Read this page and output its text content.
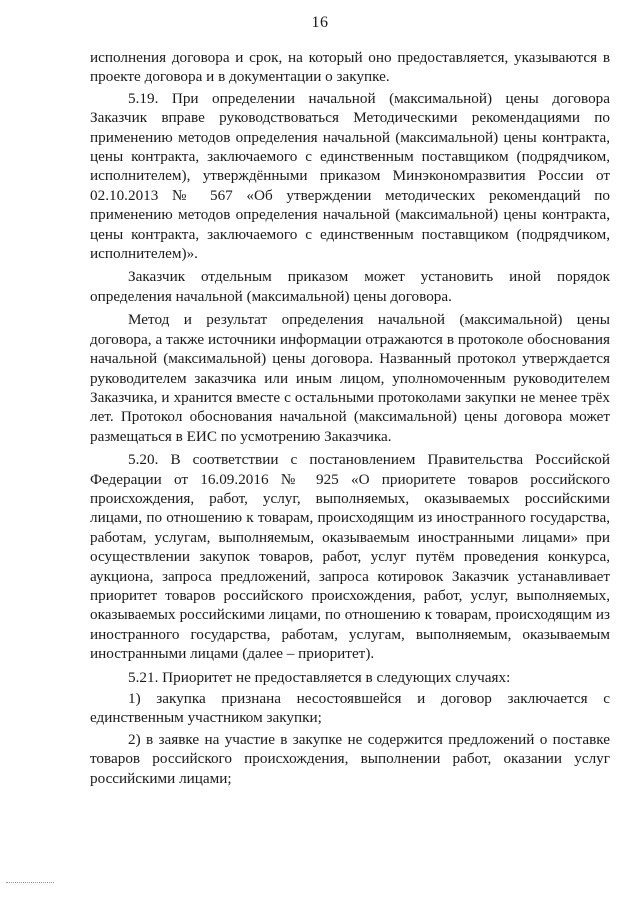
16

исполнения договора и срок, на который оно предоставляется, указываются в проекте договора и в документации о закупке.

5.19. При определении начальной (максимальной) цены договора Заказчик вправе руководствоваться Методическими рекомендациями по применению методов определения начальной (максимальной) цены контракта, цены контракта, заключаемого с единственным поставщиком (подрядчиком, исполнителем), утверждёнными приказом Минэкономразвития России от 02.10.2013 № 567 «Об утверждении методических рекомендаций по применению методов определения начальной (максимальной) цены контракта, цены контракта, заключаемого с единственным поставщиком (подрядчиком, исполнителем)».

Заказчик отдельным приказом может установить иной порядок определения начальной (максимальной) цены договора.

Метод и результат определения начальной (максимальной) цены договора, а также источники информации отражаются в протоколе обоснования начальной (максимальной) цены договора. Названный протокол утверждается руководителем заказчика или иным лицом, уполномоченным руководителем Заказчика, и хранится вместе с остальными протоколами закупки не менее трёх лет. Протокол обоснования начальной (максимальной) цены договора может размещаться в ЕИС по усмотрению Заказчика.

5.20. В соответствии с постановлением Правительства Российской Федерации от 16.09.2016 № 925 «О приоритете товаров российского происхождения, работ, услуг, выполняемых, оказываемых российскими лицами, по отношению к товарам, происходящим из иностранного государства, работам, услугам, выполняемым, оказываемым иностранными лицами» при осуществлении закупок товаров, работ, услуг путём проведения конкурса, аукциона, запроса предложений, запроса котировок Заказчик устанавливает приоритет товаров российского происхождения, работ, услуг, выполняемых, оказываемых российскими лицами, по отношению к товарам, происходящим из иностранного государства, работам, услугам, выполняемым, оказываемым иностранными лицами (далее – приоритет).

5.21. Приоритет не предоставляется в следующих случаях:

1) закупка признана несостоявшейся и договор заключается с единственным участником закупки;

2) в заявке на участие в закупке не содержится предложений о поставке товаров российского происхождения, выполнении работ, оказании услуг российскими лицами;
